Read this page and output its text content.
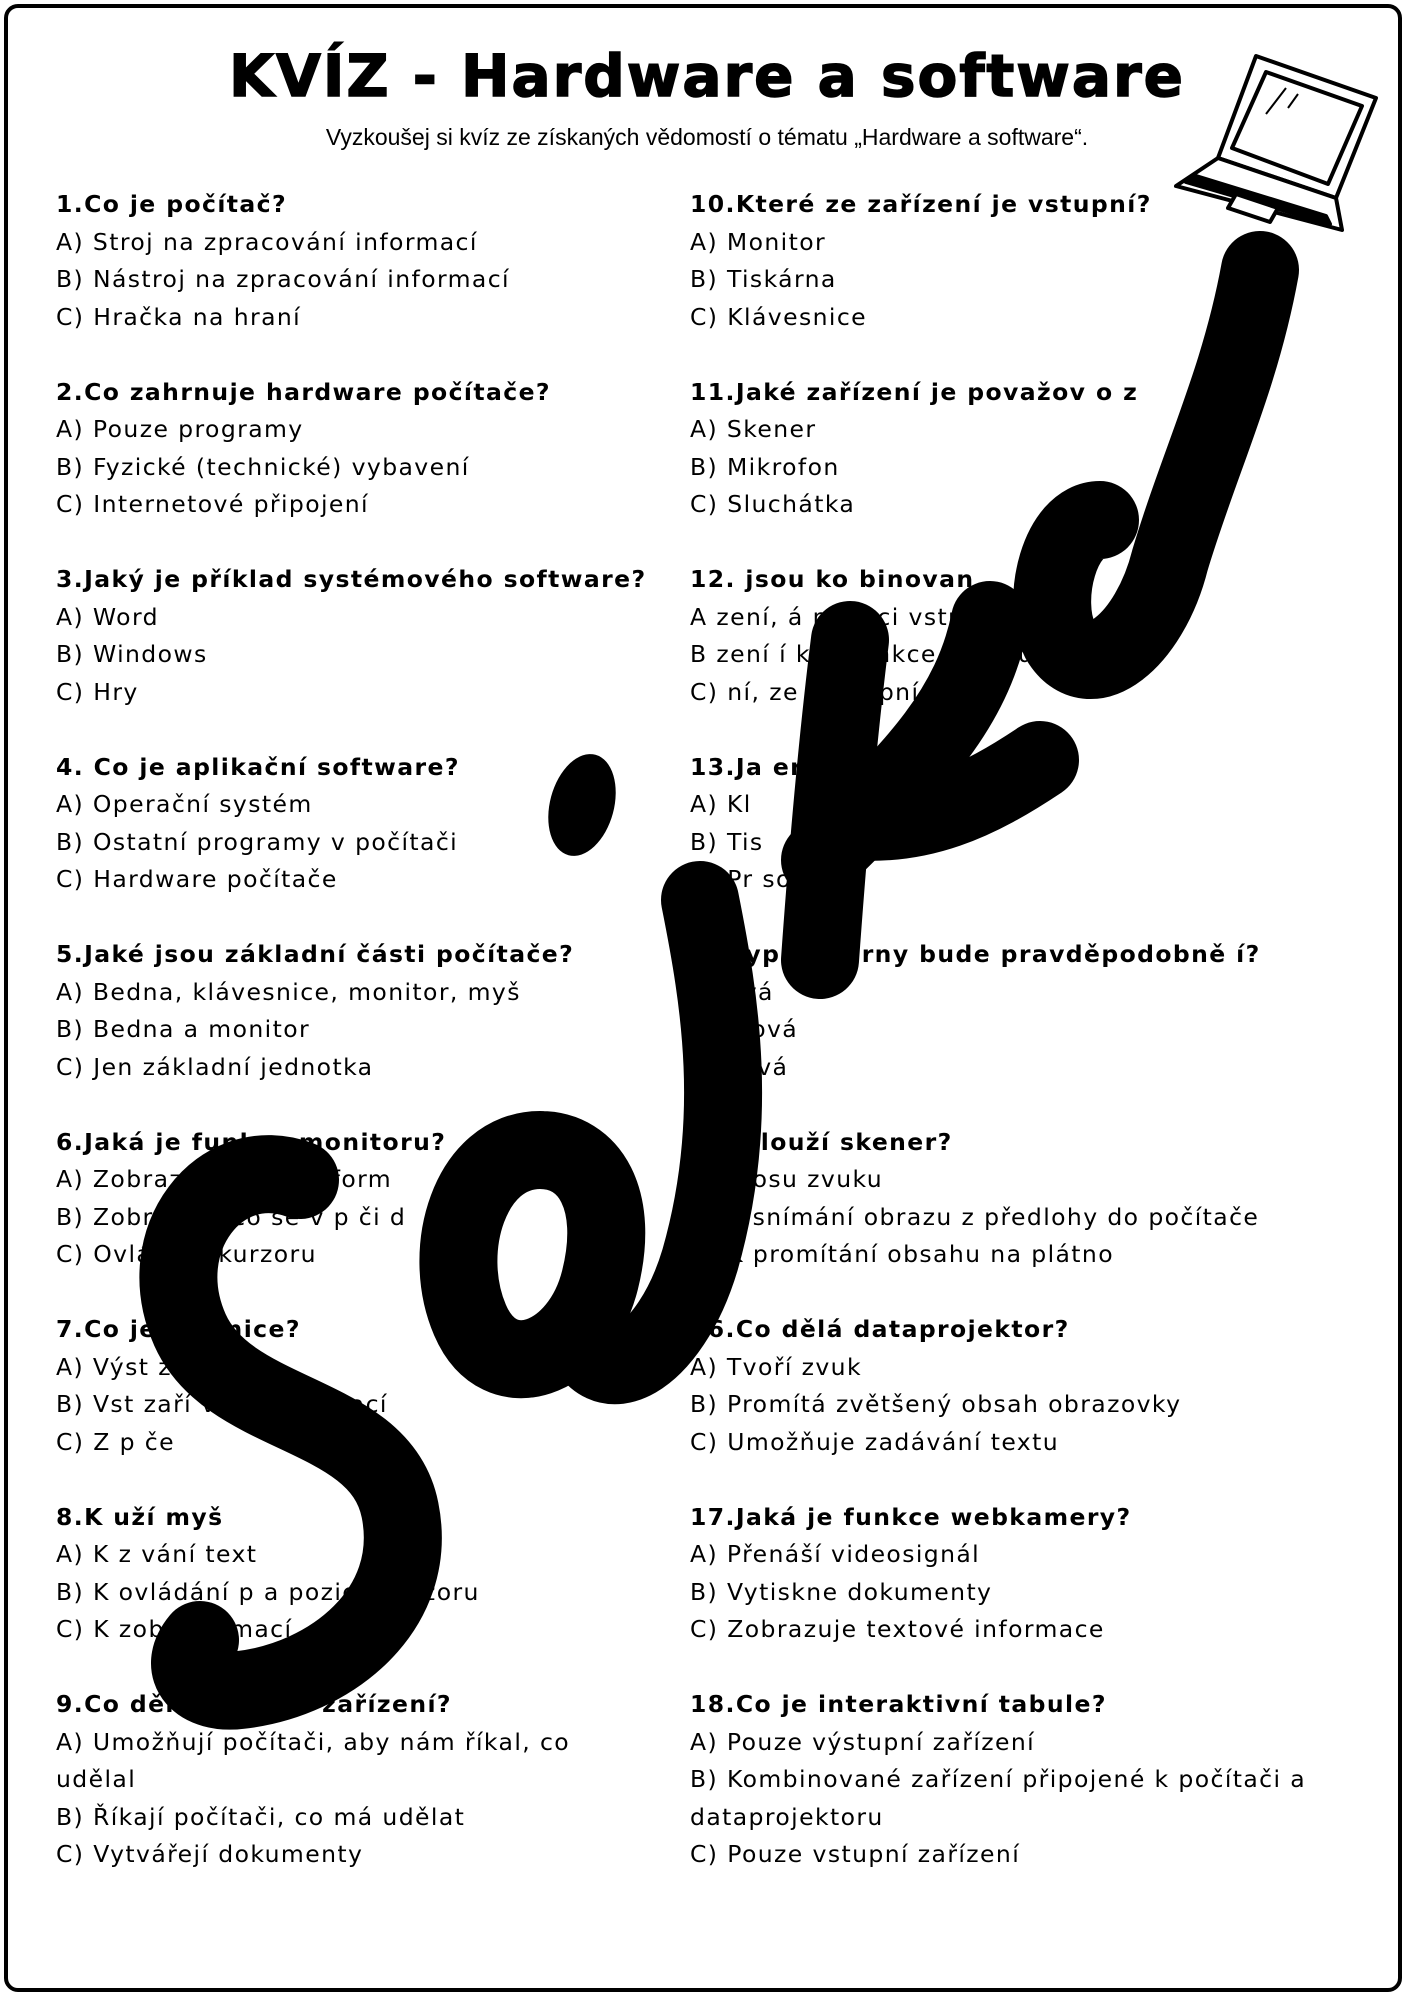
KVÍZ - Hardware a software
Vyzkoušej si kvíz ze získaných vědomostí o tématu „Hardware a software“.
1.Co je počítač?
A) Stroj na zpracování informací
B) Nástroj na zpracování informací
C) Hračka na hraní
2.Co zahrnuje hardware počítače?
A) Pouze programy
B) Fyzické (technické) vybavení
C) Internetové připojení
3.Jaký je příklad systémového software?
A) Word
B) Windows
C) Hry
4. Co je aplikační software?
A) Operační systém
B) Ostatní programy v počítači
C) Hardware počítače
5.Jaké jsou základní části počítače?
A) Bedna, klávesnice, monitor, myš
B) Bedna a monitor
C) Jen základní jednotka
6.Jaká je funkce monitoru?
A) Zobrazuje te vé inform
B) Zobrazuje co se v p či d
C) Ovládá p kurzoru
7.Co je k esnice?
A) Výst zaříze
B) Vst zaří vání informací
C) Z p če
8.K uží myš
A) K z vání text
B) K ovládání p a pozice kurzoru
C) K zobraze mací
9.Co dělají stupní zařízení?
A) Umožňují počítači, aby nám říkal, co udělal
B) Říkají počítači, co má udělat
C) Vytvářejí dokumenty
10.Které ze zařízení je vstupní?
A) Monitor
B) Tiskárna
C) Klávesnice
11.Jaké zařízení je považov o z
A) Skener
B) Mikrofon
C) Sluchátka
12. jsou ko binovan
A zení, á mají ci vstupu
B zení í komb nkce vstupu a tu
C) ní, ze výstupní
13.Ja erního zařízení?
A) Kl
B) Tis
C) Pr so
14. yp tiskárny bude pravděpodobně í?
A) ová
B) stová
C) ková
15. slouží skener?
A) K osu zvuku
B) K snímání obrazu z předlohy do počítače
C) K promítání obsahu na plátno
16.Co dělá dataprojektor?
A) Tvoří zvuk
B) Promítá zvětšený obsah obrazovky
C) Umožňuje zadávání textu
17.Jaká je funkce webkamery?
A) Přenáší videosignál
B) Vytiskne dokumenty
C) Zobrazuje textové informace
18.Co je interaktivní tabule?
A) Pouze výstupní zařízení
B) Kombinované zařízení připojené k počítači a dataprojektoru
C) Pouze vstupní zařízení
